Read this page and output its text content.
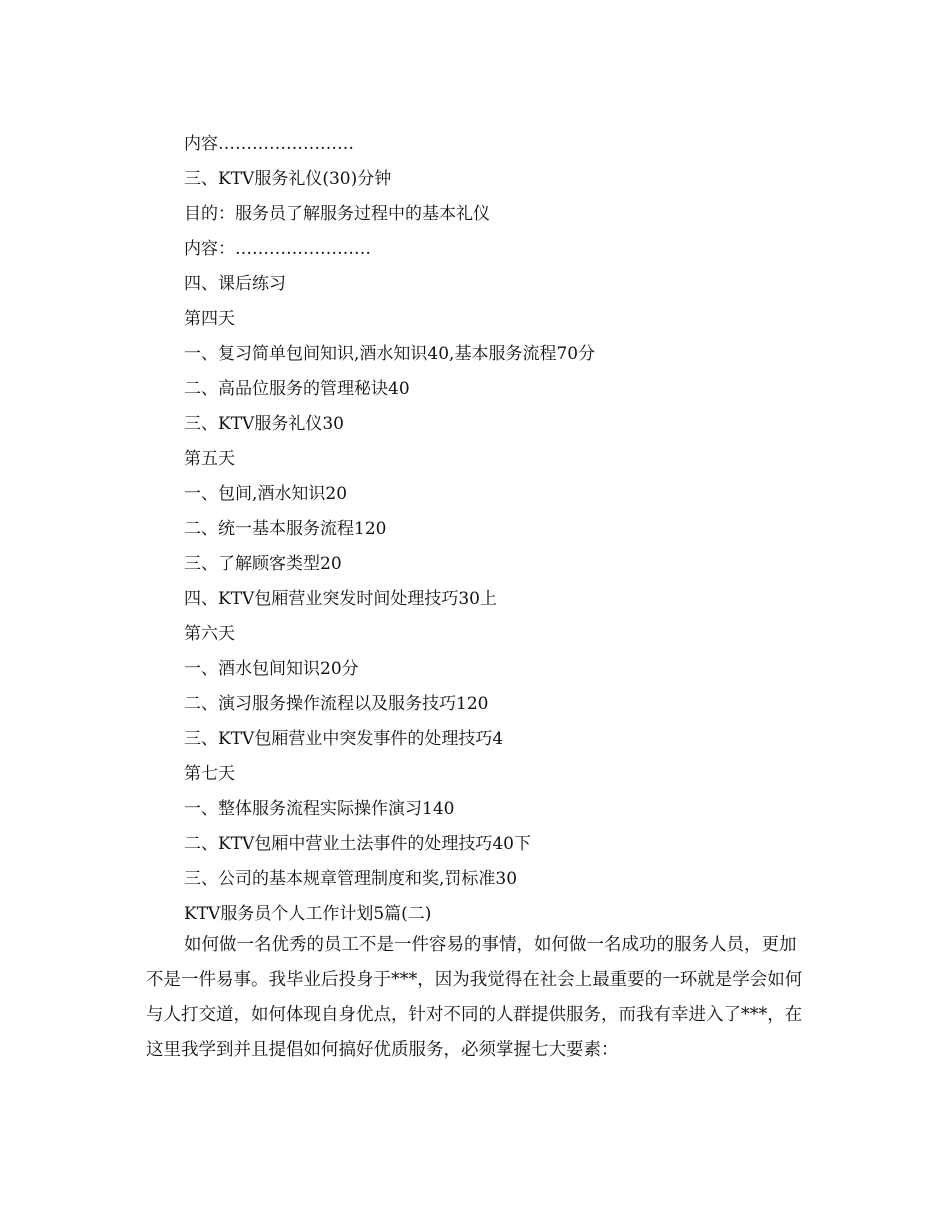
内容……………………
三、KTV服务礼仪(30)分钟
目的：服务员了解服务过程中的基本礼仪
内容：……………………
四、课后练习
第四天
一、复习简单包间知识,酒水知识40,基本服务流程70分
二、高品位服务的管理秘诀40
三、KTV服务礼仪30
第五天
一、包间,酒水知识20
二、统一基本服务流程120
三、了解顾客类型20
四、KTV包厢营业突发时间处理技巧30上
第六天
一、酒水包间知识20分
二、演习服务操作流程以及服务技巧120
三、KTV包厢营业中突发事件的处理技巧4
第七天
一、整体服务流程实际操作演习140
二、KTV包厢中营业土法事件的处理技巧40下
三、公司的基本规章管理制度和奖,罚标准30
KTV服务员个人工作计划5篇(二)

如何做一名优秀的员工不是一件容易的事情，如何做一名成功的服务人员，更加不是一件易事。我毕业后投身于***，因为我觉得在社会上最重要的一环就是学会如何与人打交道，如何体现自身优点，针对不同的人群提供服务，而我有幸进入了***，在这里我学到并且提倡如何搞好优质服务，必须掌握七大要素：
